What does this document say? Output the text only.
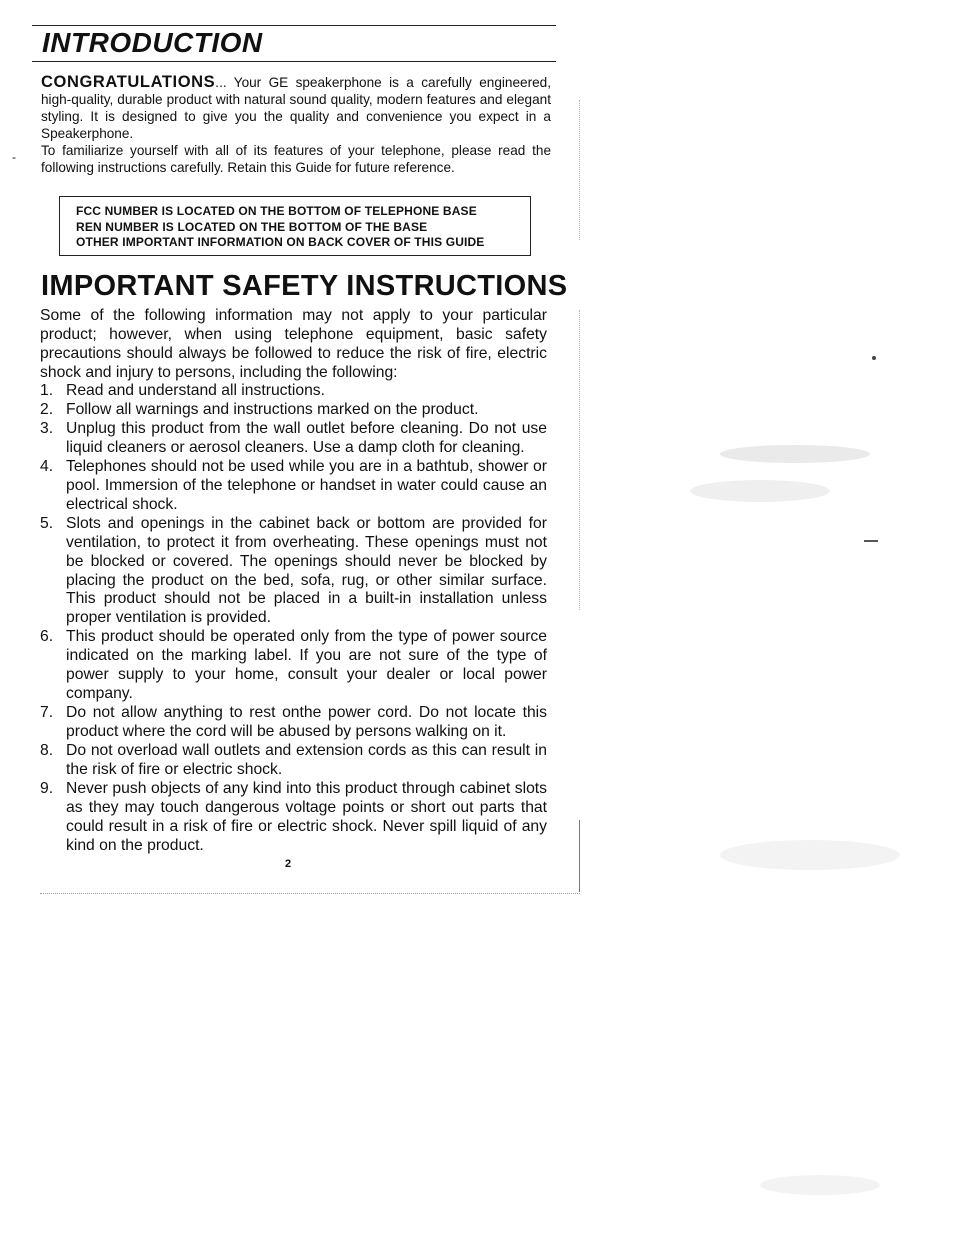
INTRODUCTION

CONGRATULATIONS... Your GE speakerphone is a carefully engineered, high-quality, durable product with natural sound quality, modern features and elegant styling. It is designed to give you the quality and convenience you expect in a Speakerphone.

To familiarize yourself with all of its features of your telephone, please read the following instructions carefully. Retain this Guide for future reference.

-
FCC NUMBER IS LOCATED ON THE BOTTOM OF TELEPHONE BASE
REN NUMBER IS LOCATED ON THE BOTTOM OF THE BASE
OTHER IMPORTANT INFORMATION ON BACK COVER OF THIS GUIDE
IMPORTANT SAFETY INSTRUCTIONS

Some of the following information may not apply to your particular product; however, when using telephone equipment, basic safety precautions should always be followed to reduce the risk of fire, electric shock and injury to persons, including the following:

1. Read and understand all instructions.
2. Follow all warnings and instructions marked on the product.
3. Unplug this product from the wall outlet before cleaning. Do not use liquid cleaners or aerosol cleaners. Use a damp cloth for cleaning.
4. Telephones should not be used while you are in a bathtub, shower or pool. Immersion of the telephone or handset in water could cause an electrical shock.
5. Slots and openings in the cabinet back or bottom are provided for ventilation, to protect it from overheating. These openings must not be blocked or covered. The openings should never be blocked by placing the product on the bed, sofa, rug, or other similar surface. This product should not be placed in a built-in installation unless proper ventilation is provided.
6. This product should be operated only from the type of power source indicated on the marking label. If you are not sure of the type of power supply to your home, consult your dealer or local power company.
7. Do not allow anything to rest onthe power cord. Do not locate this product where the cord will be abused by persons walking on it.
8. Do not overload wall outlets and extension cords as this can result in the risk of fire or electric shock.
9. Never push objects of any kind into this product through cabinet slots as they may touch dangerous voltage points or short out parts that could result in a risk of fire or electric shock. Never spill liquid of any kind on the product.
2
